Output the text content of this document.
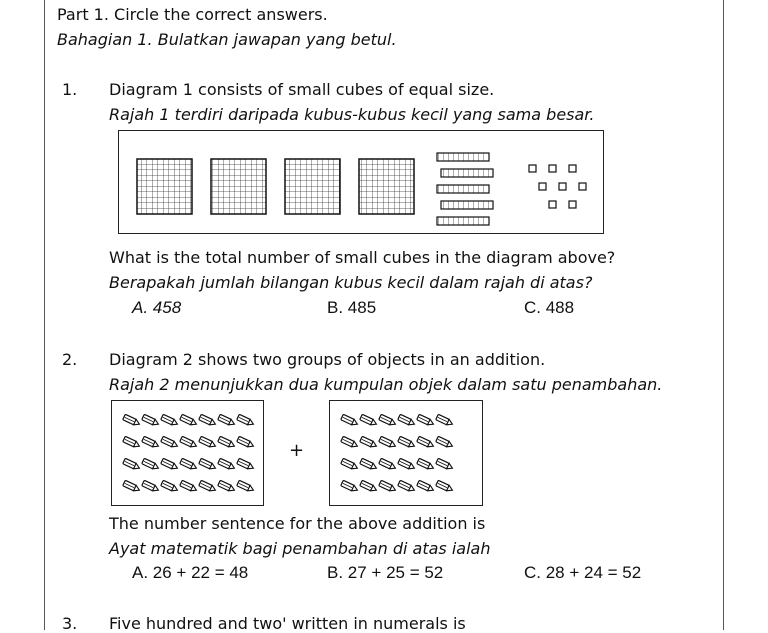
Part 1. Circle the correct answers.
Bahagian 1. Bulatkan jawapan yang betul.
1. Diagram 1 consists of small cubes of equal size.
Rajah 1 terdiri daripada kubus-kubus kecil yang sama besar.
What is the total number of small cubes in the diagram above?
Berapakah jumlah bilangan kubus kecil dalam rajah di atas?
A. 458	B. 485	C. 488
2. Diagram 2 shows two groups of objects in an addition.
Rajah 2 menunjukkan dua kumpulan objek dalam satu penambahan.
+
The number sentence for the above addition is
Ayat matematik bagi penambahan di atas ialah
A. 26 + 22 = 48	B. 27 + 25 = 52	C. 28 + 24 = 52
3. Five hundred and two' written in numerals is
